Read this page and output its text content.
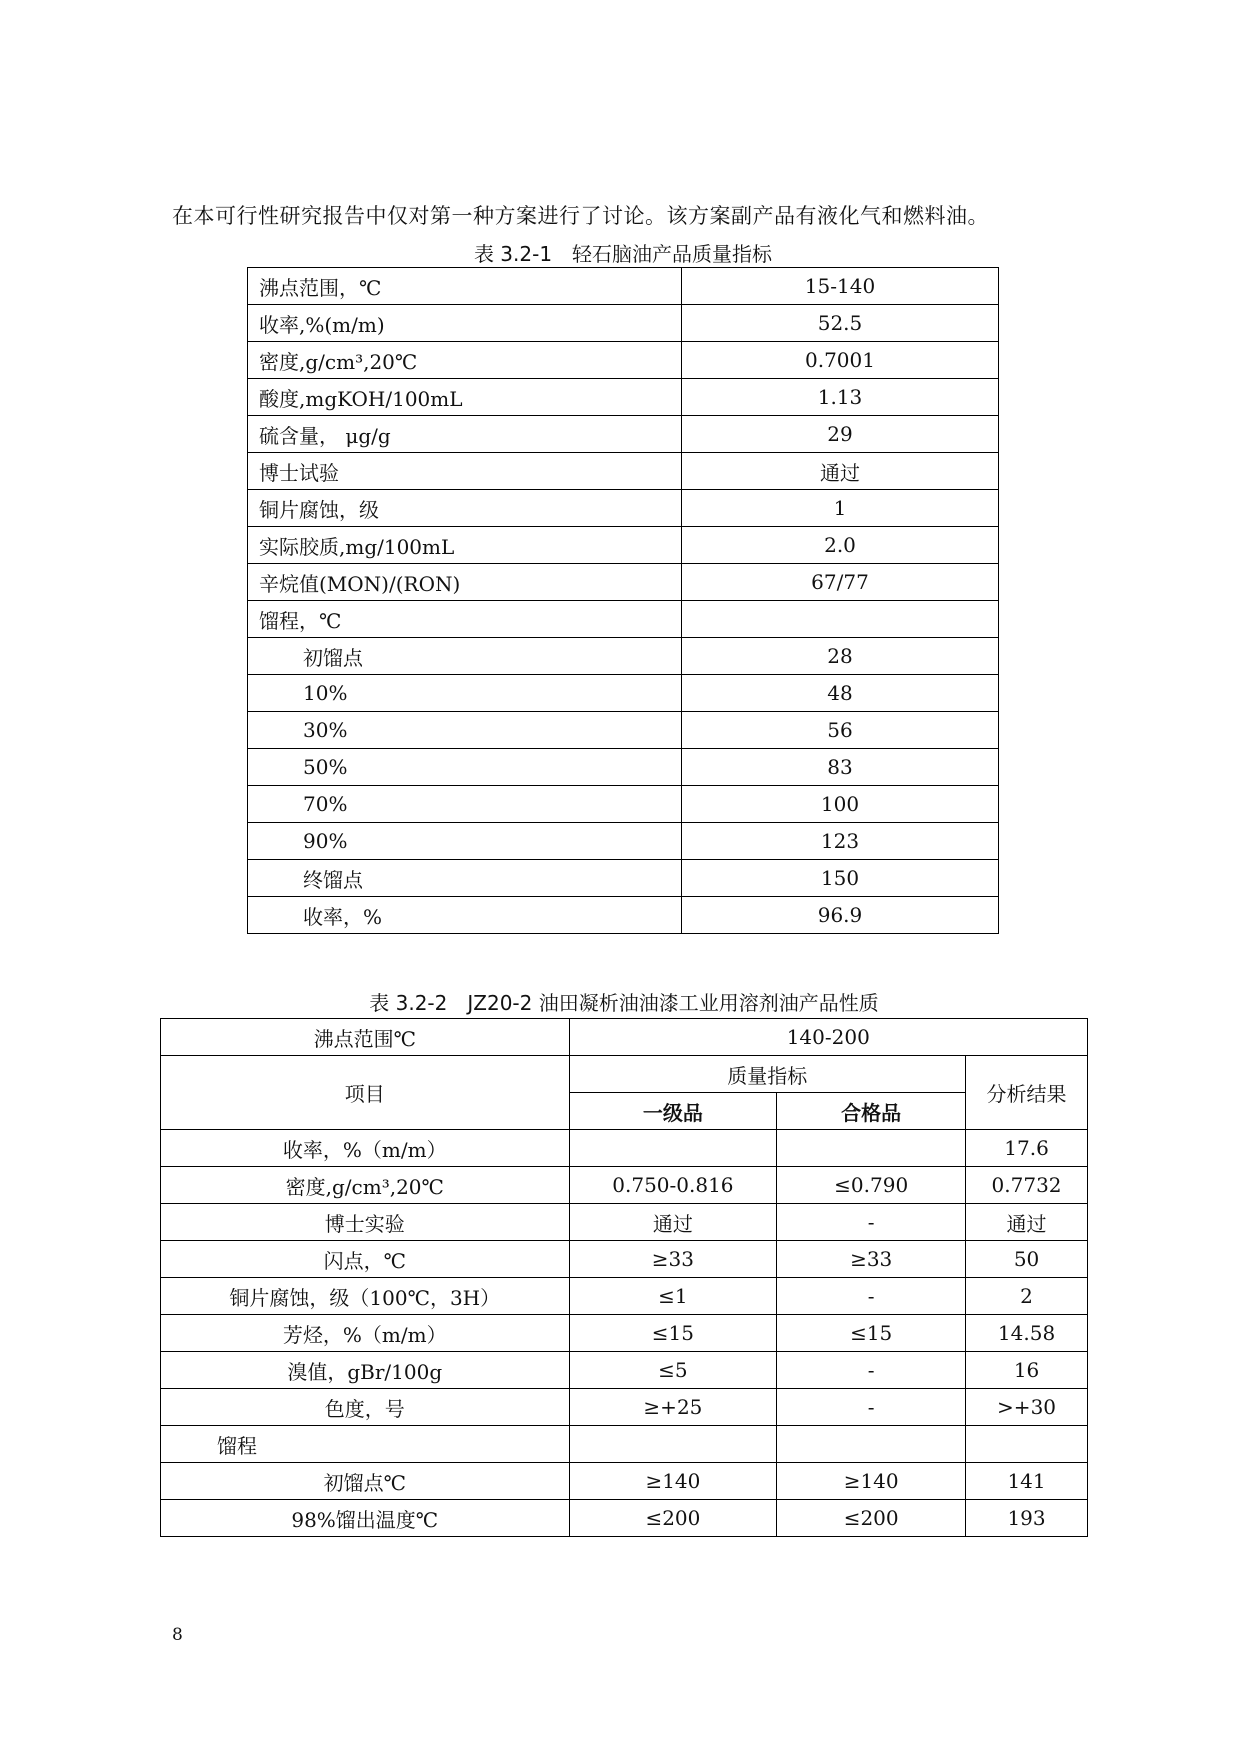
在本可行性研究报告中仅对第一种方案进行了讨论。该方案副产品有液化气和燃料油。
表 3.2-1　轻石脑油产品质量指标
沸点范围，℃	15-140
收率,%(m/m)	52.5
密度,g/cm³,20℃	0.7001
酸度,mgKOH/100mL	1.13
硫含量， μg/g	29
博士试验	通过
铜片腐蚀，级	1
实际胶质,mg/100mL	2.0
辛烷值(MON)/(RON)	67/77
馏程，℃	
初馏点	28
10%	48
30%	56
50%	83
70%	100
90%	123
终馏点	150
收率，%	96.9
表 3.2-2　JZ20-2 油田凝析油油漆工业用溶剂油产品性质
沸点范围℃	140-200		
项目	质量指标		分析结果
	一级品	合格品	
收率，%（m/m）			17.6
密度,g/cm³,20℃	0.750-0.816	≤0.790	0.7732
博士实验	通过	-	通过
闪点，℃	≥33	≥33	50
铜片腐蚀，级（100℃，3H）	≤1	-	2
芳烃，%（m/m）	≤15	≤15	14.58
溴值，gBr/100g	≤5	-	16
色度，号	≥+25	-	>+30
馏程			
初馏点℃	≥140	≥140	141
98%馏出温度℃	≤200	≤200	193
8
